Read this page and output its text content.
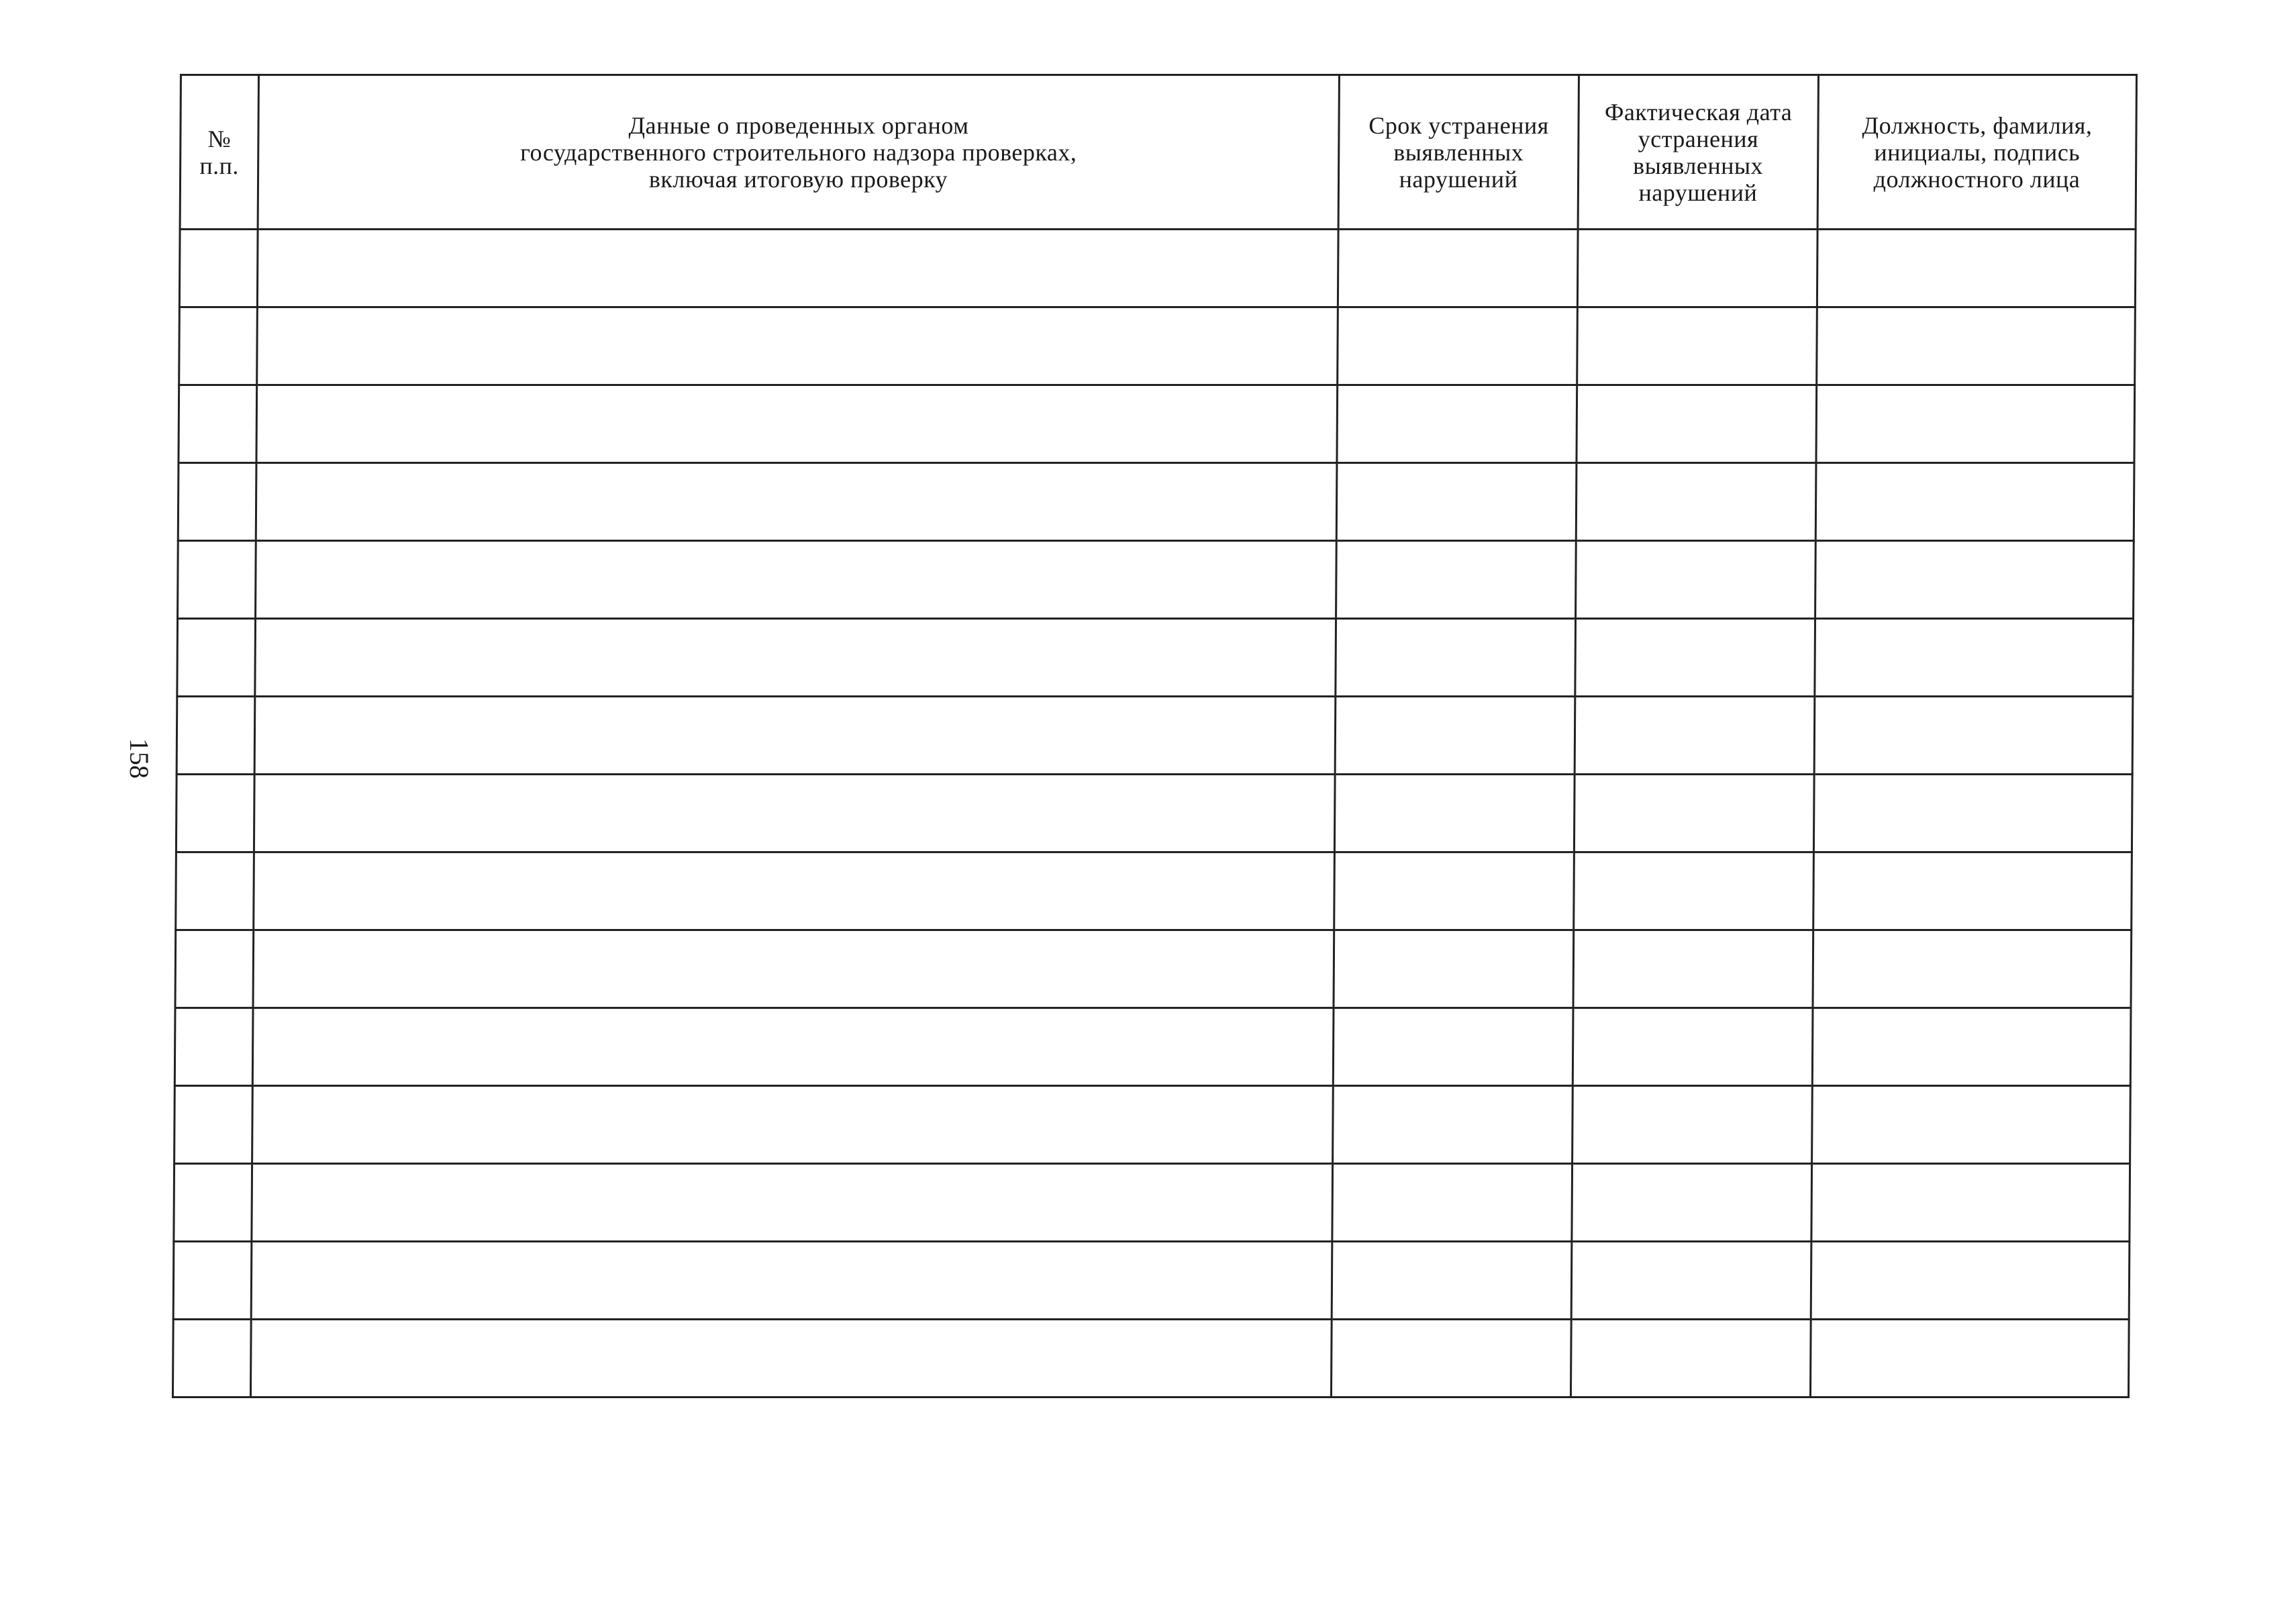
158
№
п.п.	Данные о проведенных органом
государственного строительного надзора проверках,
включая итоговую проверку	Срок устранения
выявленных
нарушений	Фактическая дата
устранения
выявленных
нарушений	Должность, фамилия,
инициалы, подпись
должностного лица
